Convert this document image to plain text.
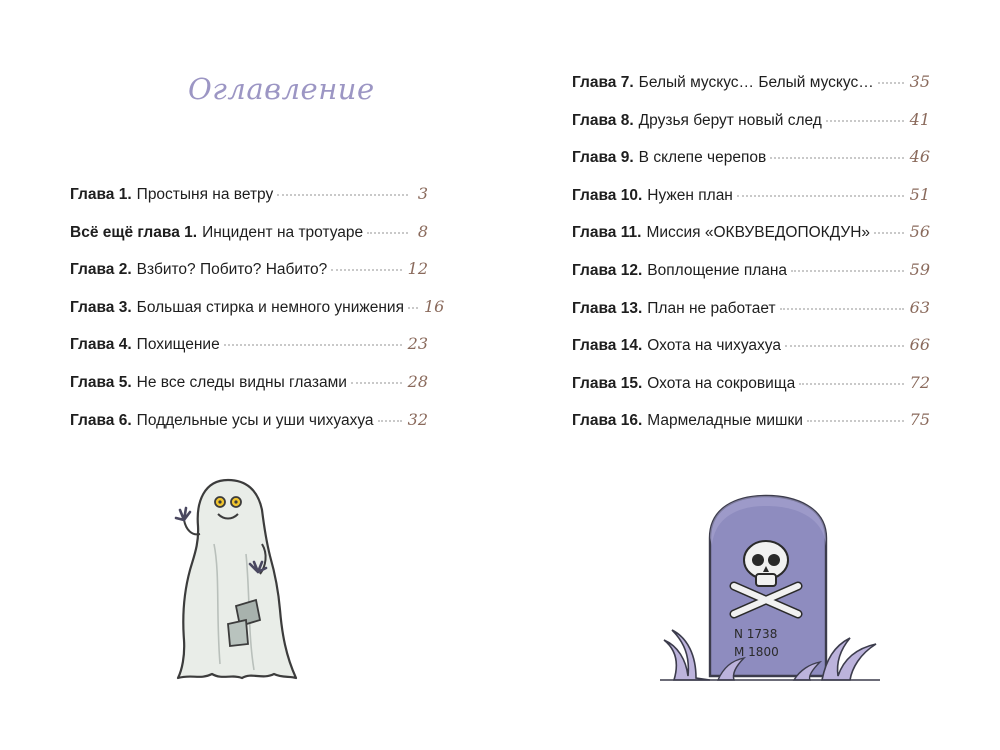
Оглавление
Глава 1. Простыня на ветру	3
Всё ещё глава 1. Инцидент на тротуаре	8
Глава 2. Взбито? Побито? Набито?	12
Глава 3. Большая стирка и немного унижения 16
Глава 4. Похищение	23
Глава 5. Не все следы видны глазами	28
Глава 6. Поддельные усы и уши чихуахуа 32
Глава 7. Белый мускус… Белый мускус… 35
Глава 8. Друзья берут новый след	41
Глава 9. В склепе черепов	46
Глава 10. Нужен план	51
Глава 11. Миссия «ОКВУВЕДОПОКДУН» 56
Глава 12. Воплощение плана	59
Глава 13. План не работает	63
Глава 14. Охота на чихуахуа	66
Глава 15. Охота на сокровища	72
Глава 16. Мармеладные мишки	75
N 1738
M 1800
